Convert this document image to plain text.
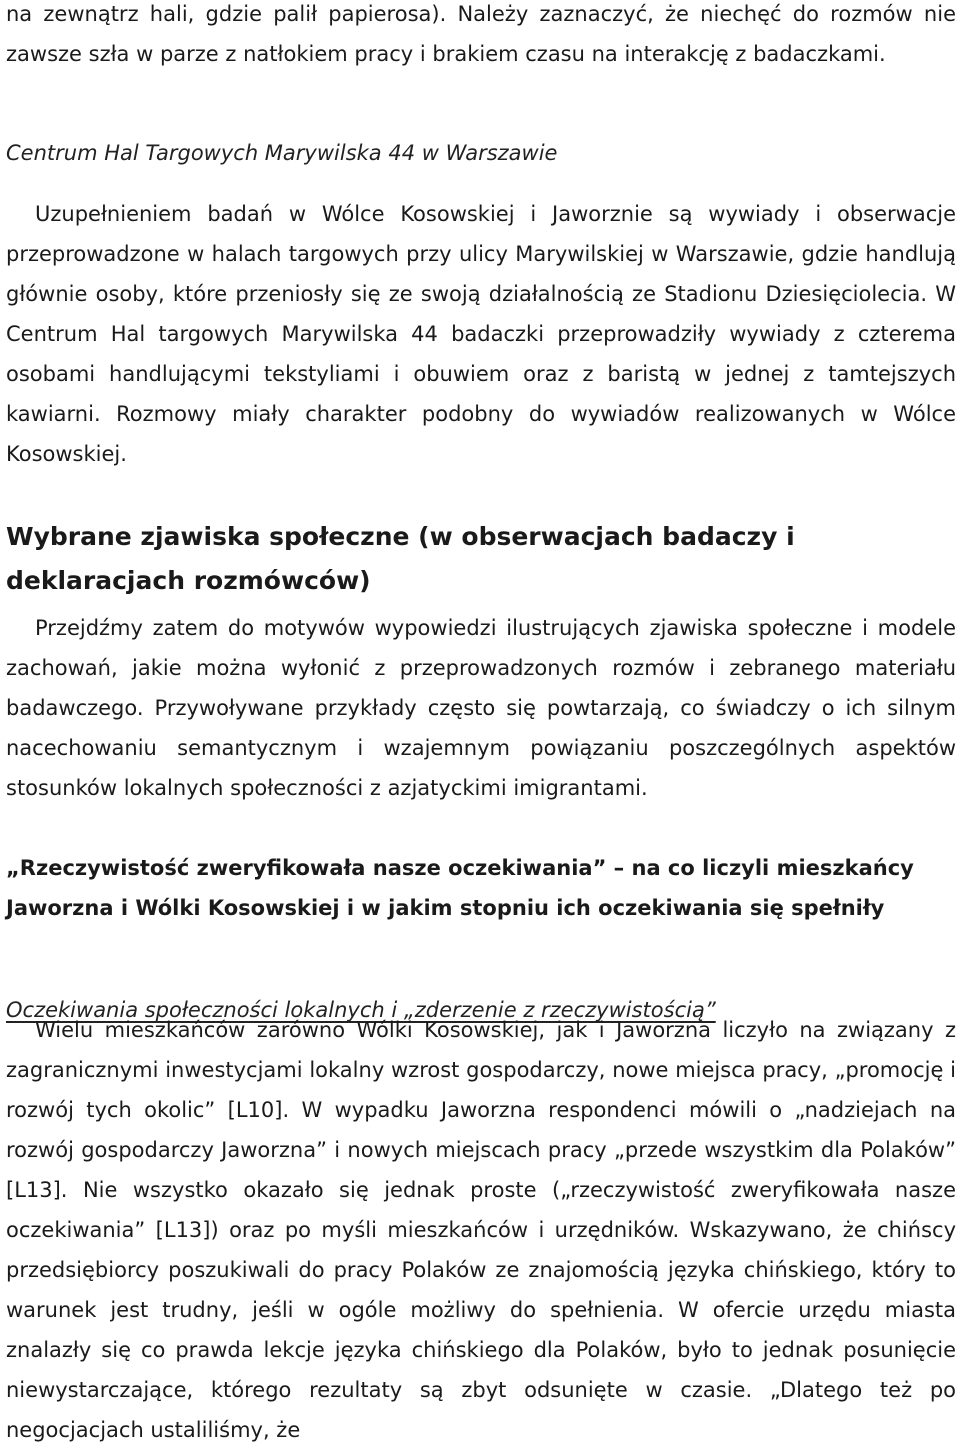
na zewnątrz hali, gdzie palił papierosa). Należy zaznaczyć, że niechęć do rozmów nie zawsze szła w parze z natłokiem pracy i brakiem czasu na interakcję z badaczkami.

Centrum Hal Targowych Marywilska 44 w Warszawie

Uzupełnieniem badań w Wólce Kosowskiej i Jaworznie są wywiady i obserwacje przeprowadzone w halach targowych przy ulicy Marywilskiej w Warszawie, gdzie handlują głównie osoby, które przeniosły się ze swoją działalnością ze Stadionu Dziesięciolecia. W Centrum Hal targowych Marywilska 44 badaczki przeprowadziły wywiady z czterema osobami handlującymi tekstyliami i obuwiem oraz z baristą w jednej z tamtejszych kawiarni. Rozmowy miały charakter podobny do wywiadów realizowanych w Wólce Kosowskiej.

Wybrane zjawiska społeczne (w obserwacjach badaczy i deklaracjach rozmówców)

Przejdźmy zatem do motywów wypowiedzi ilustrujących zjawiska społeczne i modele zachowań, jakie można wyłonić z przeprowadzonych rozmów i zebranego materiału badawczego. Przywoływane przykłady często się powtarzają, co świadczy o ich silnym nacechowaniu semantycznym i wzajemnym powiązaniu poszczególnych aspektów stosunków lokalnych społeczności z azjatyckimi imigrantami.

„Rzeczywistość zweryfikowała nasze oczekiwania” – na co liczyli mieszkańcy Jaworzna i Wólki Kosowskiej i w jakim stopniu ich oczekiwania się spełniły

Oczekiwania społeczności lokalnych i „zderzenie z rzeczywistością”

Wielu mieszkańców zarówno Wólki Kosowskiej, jak i Jaworzna liczyło na związany z zagranicznymi inwestycjami lokalny wzrost gospodarczy, nowe miejsca pracy, „promocję i rozwój tych okolic” [L10]. W wypadku Jaworzna respondenci mówili o „nadziejach na rozwój gospodarczy Jaworzna” i nowych miejscach pracy „przede wszystkim dla Polaków” [L13]. Nie wszystko okazało się jednak proste („rzeczywistość zweryfikowała nasze oczekiwania” [L13]) oraz po myśli mieszkańców i urzędników. Wskazywano, że chińscy przedsiębiorcy poszukiwali do pracy Polaków ze znajomością języka chińskiego, który to warunek jest trudny, jeśli w ogóle możliwy do spełnienia. W ofercie urzędu miasta znalazły się co prawda lekcje języka chińskiego dla Polaków, było to jednak posunięcie niewystarczające, którego rezultaty są zbyt odsunięte w czasie. „Dlatego też po negocjacjach ustaliliśmy, że
